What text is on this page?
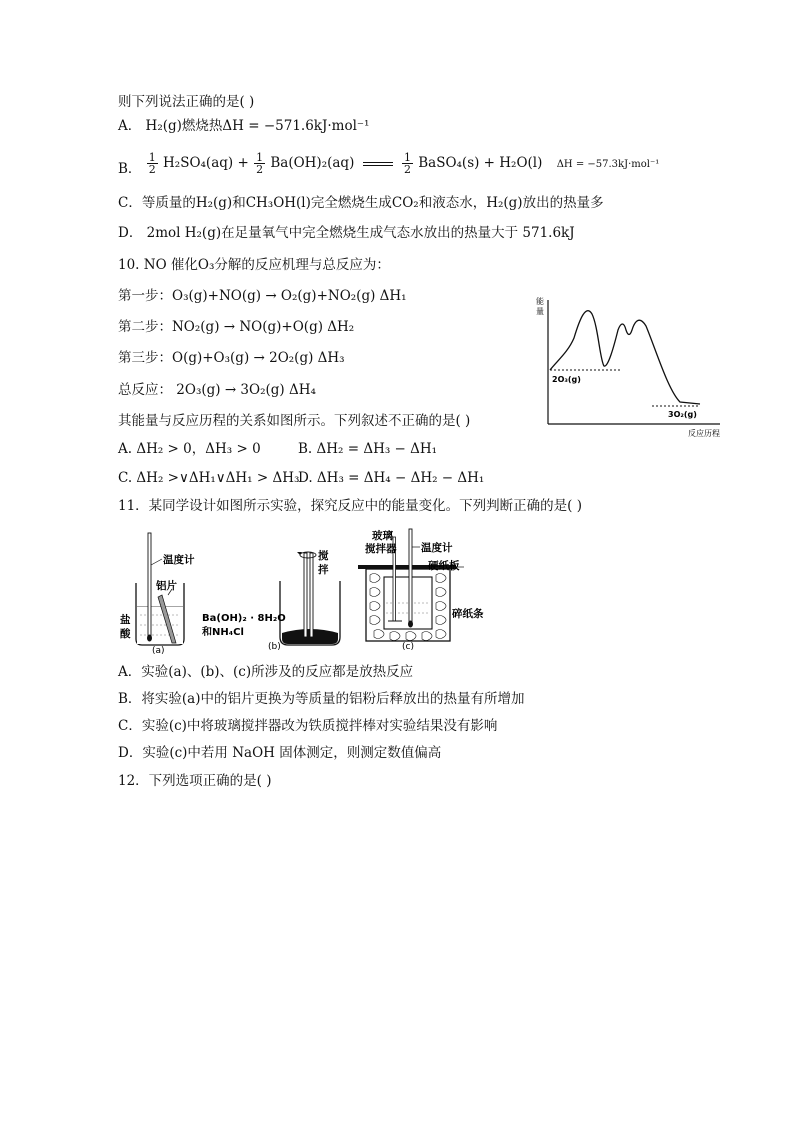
则下列说法正确的是( )
A． H₂(g)燃烧热ΔH = −571.6kJ·mol⁻¹
B． $\frac{1}{2} H_2SO_4(aq) + \frac{1}{2} Ba(OH)_2(aq)$	$\frac{1}{2}$ BaSO₄(s) + H₂O(l) ΔH = −57.3kJ·mol⁻¹
C．等质量的H₂(g)和CH₃OH(l)完全燃烧生成CO₂和液态水，H₂(g)放出的热量多
D． 2mol H₂(g)在足量氧气中完全燃烧生成气态水放出的热量大于 571.6kJ
10. NO 催化O₃分解的反应机理与总反应为：
第一步：O₃(g)+NO(g) → O₂(g)+NO₂(g) ΔH₁
第二步：NO₂(g) → NO(g)+O(g) ΔH₂
第三步：O(g)+O₃(g) → 2O₂(g) ΔH₃
总反应： 2O₃(g) → 3O₂(g) ΔH₄
其能量与反应历程的关系如图所示。下列叙述不正确的是( )
A. ΔH₂ > 0，ΔH₃ > 0	B. ΔH₂ = ΔH₃ − ΔH₁
C. ΔH₂ >∨ΔH₁∨ΔH₁ > ΔH₃
D. ΔH₃ = ΔH₄ − ΔH₂ − ΔH₁
能
量
2O₃(g)
3O₂(g)
反应历程
11．某同学设计如图所示实验，探究反应中的能量变化。下列判断正确的是( )
温度计
铝片
盐
酸
(a)
搅
拌
Ba(OH)₂ · 8H₂O
和NH₄Cl
(b)
玻璃
搅拌器 温度计
硬纸板
碎纸条
(c)
A．实验(a)、(b)、(c)所涉及的反应都是放热反应
B．将实验(a)中的铝片更换为等质量的铝粉后释放出的热量有所增加
C．实验(c)中将玻璃搅拌器改为铁质搅拌棒对实验结果没有影响
D．实验(c)中若用 NaOH 固体测定，则测定数值偏高
12．下列选项正确的是( )
